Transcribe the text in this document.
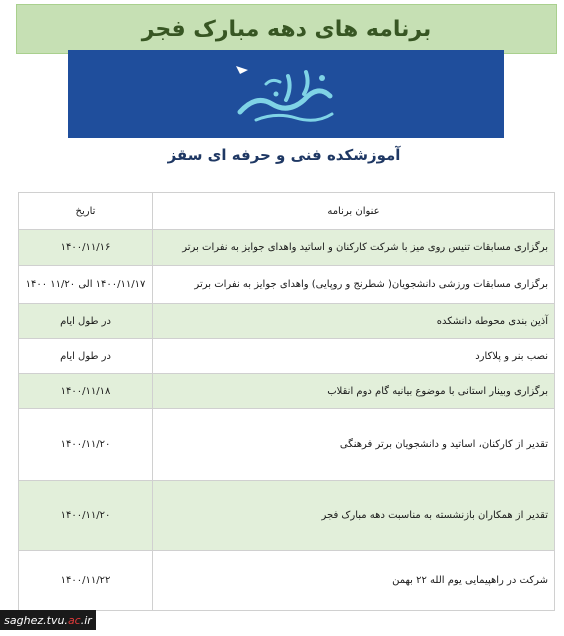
برنامه های دهه مبارک فجر
آموزشکده فنی و حرفه ای سقز
عنوان برنامه	تاریخ
برگزاری مسابقات تنیس روی میز با شرکت کارکنان و اساتید واهدای جوایز به نفرات برتر	۱۴۰۰/۱۱/۱۶
برگزاری مسابقات ورزشی دانشجویان( شطرنج و روپایی) واهدای جوایز به نفرات برتر	۱۴۰۰/۱۱/۱۷ الی ۱۱/۲۰ ۱۴۰۰
آذین بندی محوطه دانشکده	در طول ایام
نصب بنر و پلاکارد	در طول ایام
برگزاری وبینار استانی با موضوع بیانیه گام دوم انقلاب	۱۴۰۰/۱۱/۱۸
تقدیر از کارکنان، اساتید و دانشجویان برتر فرهنگی	۱۴۰۰/۱۱/۲۰
تقدیر از همکاران بازنشسته به مناسبت دهه مبارک فجر	۱۴۰۰/۱۱/۲۰
شرکت در راهپیمایی یوم الله ۲۲ بهمن	۱۴۰۰/۱۱/۲۲
saghez.tvu. ac .ir
